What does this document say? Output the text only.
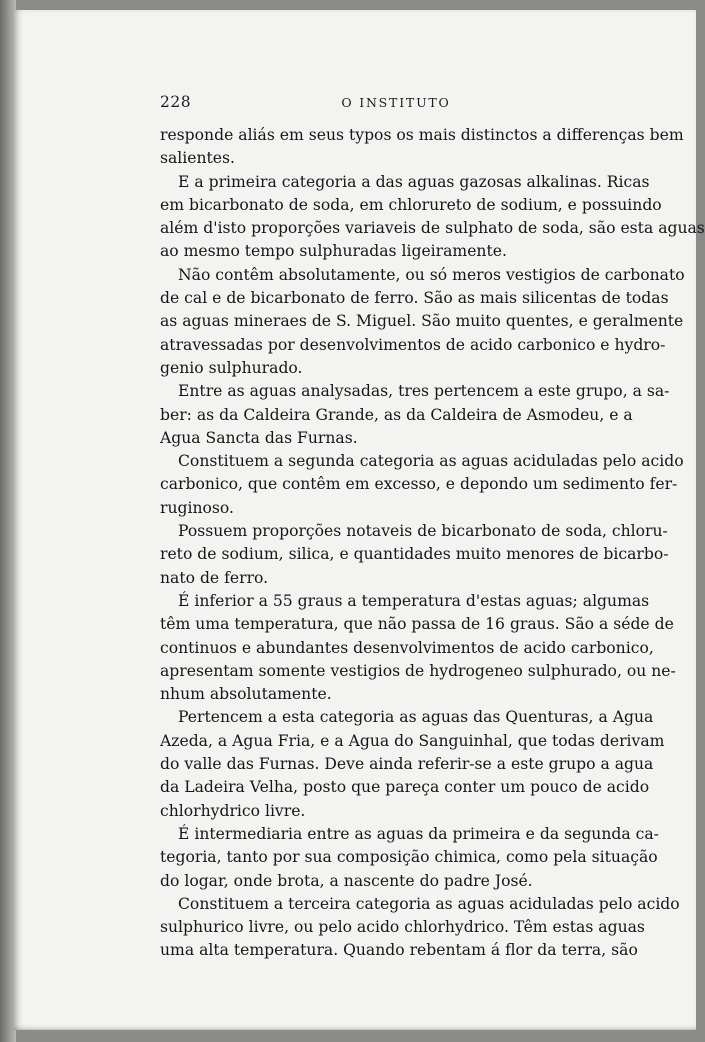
228	O INSTITUTO
responde aliás em seus typos os mais distinctos a differenças bem
salientes.
E a primeira categoria a das aguas gazosas alkalinas. Ricas
em bicarbonato de soda, em chlorureto de sodium, e possuindo
além d'isto proporções variaveis de sulphato de soda, são esta aguas
ao mesmo tempo sulphuradas ligeiramente.
Não contêm absolutamente, ou só meros vestigios de carbonato
de cal e de bicarbonato de ferro. São as mais silicentas de todas
as aguas mineraes de S. Miguel. São muito quentes, e geralmente
atravessadas por desenvolvimentos de acido carbonico e hydro-
genio sulphurado.
Entre as aguas analysadas, tres pertencem a este grupo, a sa-
ber: as da Caldeira Grande, as da Caldeira de Asmodeu, e a
Agua Sancta das Furnas.
Constituem a segunda categoria as aguas aciduladas pelo acido
carbonico, que contêm em excesso, e depondo um sedimento fer-
ruginoso.
Possuem proporções notaveis de bicarbonato de soda, chloru-
reto de sodium, silica, e quantidades muito menores de bicarbo-
nato de ferro.
É inferior a 55 graus a temperatura d'estas aguas; algumas
têm uma temperatura, que não passa de 16 graus. São a séde de
continuos e abundantes desenvolvimentos de acido carbonico,
apresentam somente vestigios de hydrogeneo sulphurado, ou ne-
nhum absolutamente.
Pertencem a esta categoria as aguas das Quenturas, a Agua
Azeda, a Agua Fria, e a Agua do Sanguinhal, que todas derivam
do valle das Furnas. Deve ainda referir-se a este grupo a agua
da Ladeira Velha, posto que pareça conter um pouco de acido
chlorhydrico livre.
É intermediaria entre as aguas da primeira e da segunda ca-
tegoria, tanto por sua composição chimica, como pela situação
do logar, onde brota, a nascente do padre José.
Constituem a terceira categoria as aguas aciduladas pelo acido
sulphurico livre, ou pelo acido chlorhydrico. Têm estas aguas
uma alta temperatura. Quando rebentam á flor da terra, são
